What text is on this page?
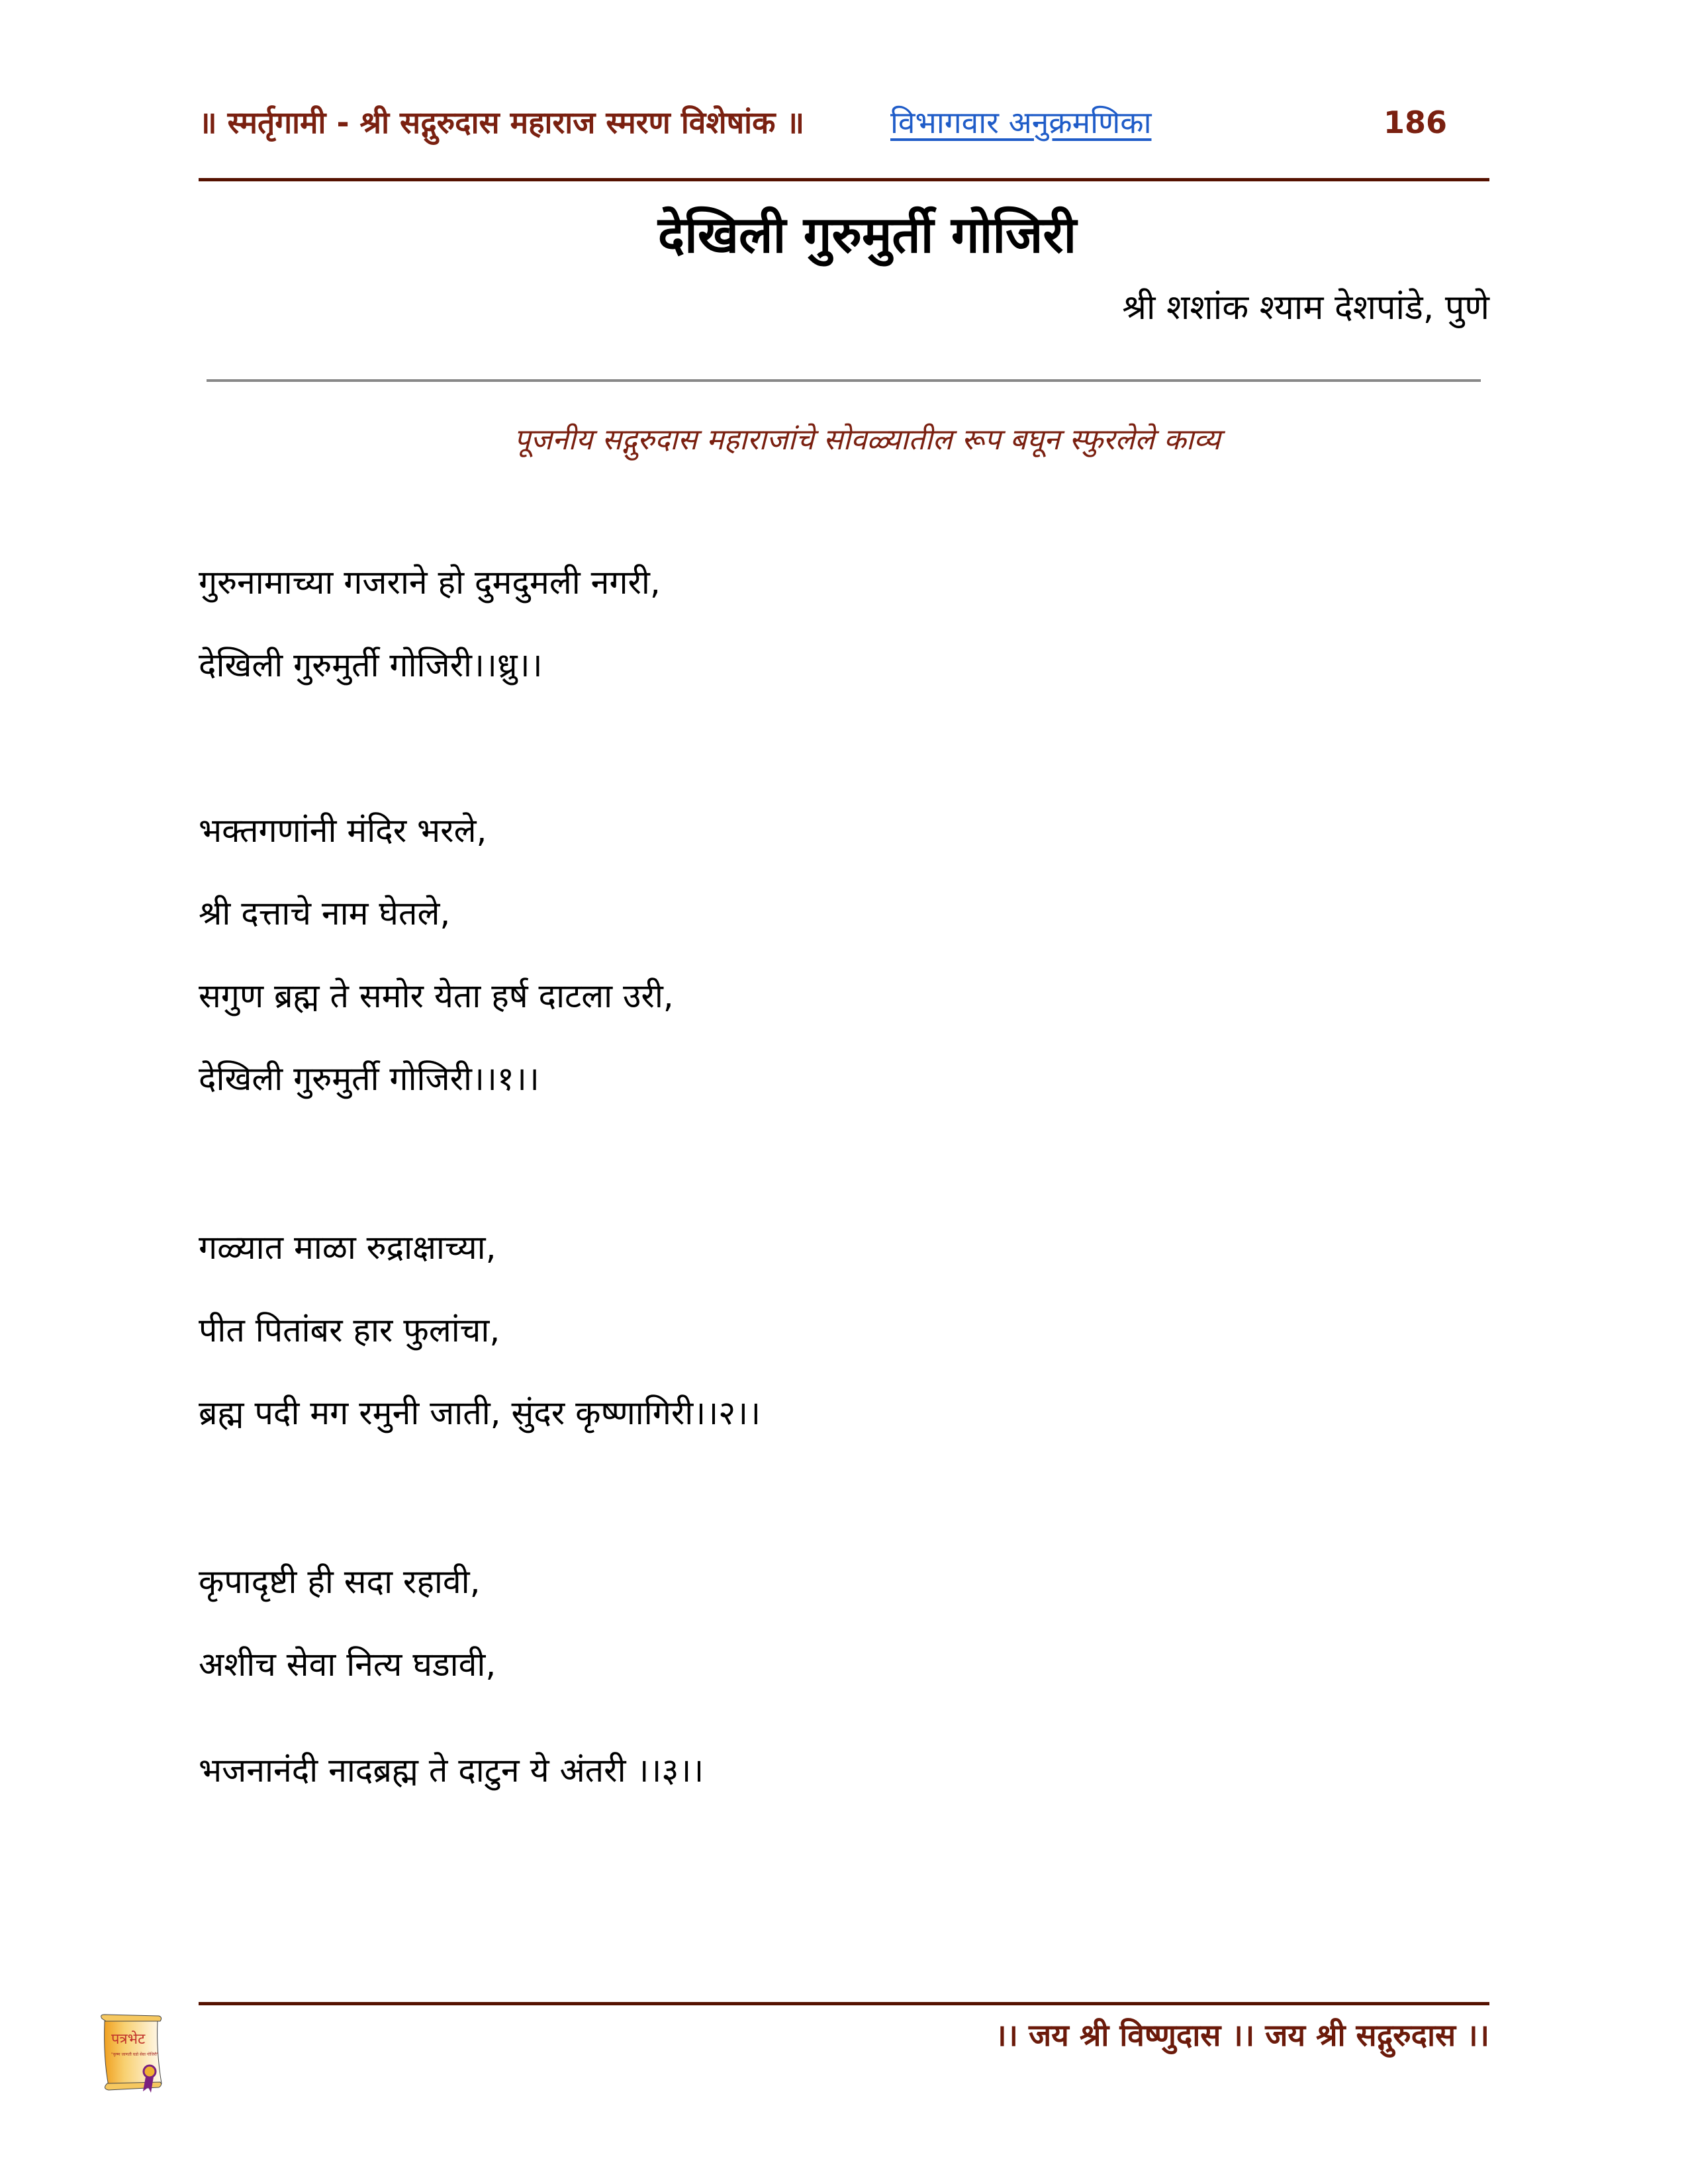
॥ स्मर्तृगामी - श्री सद्गुरुदास महाराज स्मरण विशेषांक ॥	विभागवार अनुक्रमणिका	186
देखिली गुरुमुर्ती गोजिरी
श्री शशांक श्याम देशपांडे, पुणे
पूजनीय सद्गुरुदास महाराजांचे सोवळ्यातील रूप बघून स्फुरलेले काव्य
गुरुनामाच्या गजराने हो दुमदुमली नगरी,
देखिली गुरुमुर्ती गोजिरी।।ध्रु।।
भक्तगणांनी मंदिर भरले,
श्री दत्ताचे नाम घेतले,
सगुण ब्रह्म ते समोर येता हर्ष दाटला उरी,
देखिली गुरुमुर्ती गोजिरी।।१।।
गळ्यात माळा रुद्राक्षाच्या,
पीत पितांबर हार फुलांचा,
ब्रह्म पदी मग रमुनी जाती, सुंदर कृष्णागिरी।।२।।
कृपादृष्टी ही सदा रहावी,
अशीच सेवा नित्य घडावी,
भजनानंदी नादब्रह्म ते दाटुन ये अंतरी ।।३।।
।। जय श्री विष्णुदास ।। जय श्री सद्गुरुदास ।।
पत्रभेट
"कृष्ण जाणती घडो सेवा गोजिरी"
